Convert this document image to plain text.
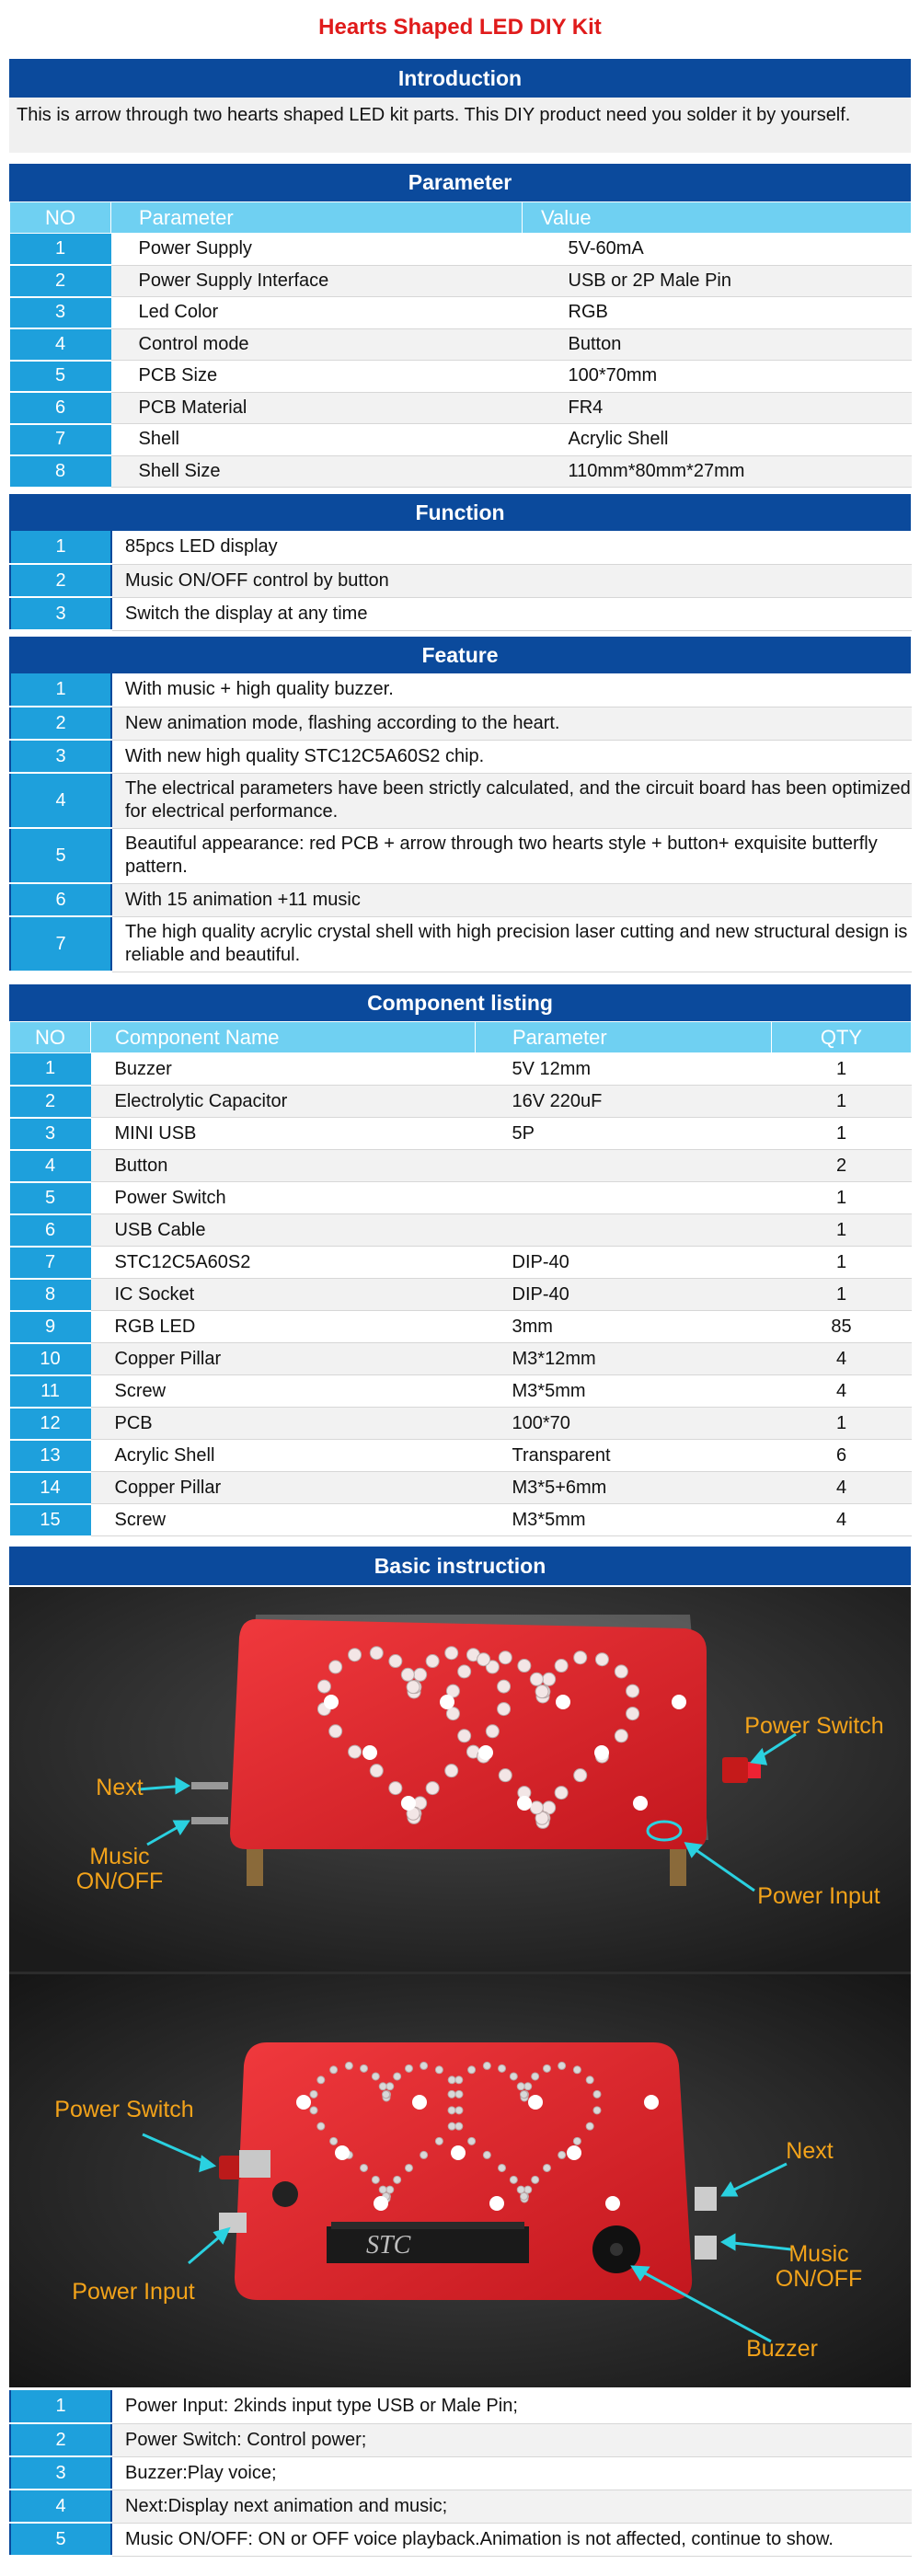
Hearts Shaped LED DIY Kit
Introduction
This is arrow through two hearts shaped LED kit parts. This DIY product need you solder it by yourself.
Parameter
NO	Parameter	Value
1	Power Supply	5V-60mA
2	Power Supply Interface	USB or 2P Male Pin
3	Led Color	RGB
4	Control mode	Button
5	PCB Size	100*70mm
6	PCB Material	FR4
7	Shell	Acrylic Shell
8	Shell Size	110mm*80mm*27mm
Function
1	85pcs LED display
2	Music ON/OFF control by button
3	Switch the display at any time
Feature
1	With music + high quality buzzer.
2	New animation mode, flashing according to the heart.
3	With new high quality STC12C5A60S2 chip.
4	The electrical parameters have been strictly calculated, and the circuit board has been optimized for electrical performance.
5	Beautiful appearance: red PCB + arrow through two hearts style + button+ exquisite butterfly pattern.
6	With 15 animation +11 music
7	The high quality acrylic crystal shell with high precision laser cutting and new structural design is reliable and beautiful.
Component listing
NO	Component Name	Parameter	QTY
1	Buzzer	5V 12mm	1
2	Electrolytic Capacitor	16V 220uF	1
3	MINI USB	5P	1
4	Button		2
5	Power Switch		1
6	USB Cable		1
7	STC12C5A60S2	DIP-40	1
8	IC Socket	DIP-40	1
9	RGB LED	3mm	85
10	Copper Pillar	M3*12mm	4
11	Screw	M3*5mm	4
12	PCB	100*70	1
13	Acrylic Shell	Transparent	6
14	Copper Pillar	M3*5+6mm	4
15	Screw	M3*5mm	4
Basic instruction
STC
Power Switch
Next
Music ON/OFF
Power Input
Power Switch
Power Input
Next
Music ON/OFF
Buzzer
1	Power Input: 2kinds input type USB or Male Pin;
2	Power Switch: Control power;
3	Buzzer:Play voice;
4	Next:Display next animation and music;
5	Music ON/OFF: ON or OFF voice playback.Animation is not affected, continue to show.
